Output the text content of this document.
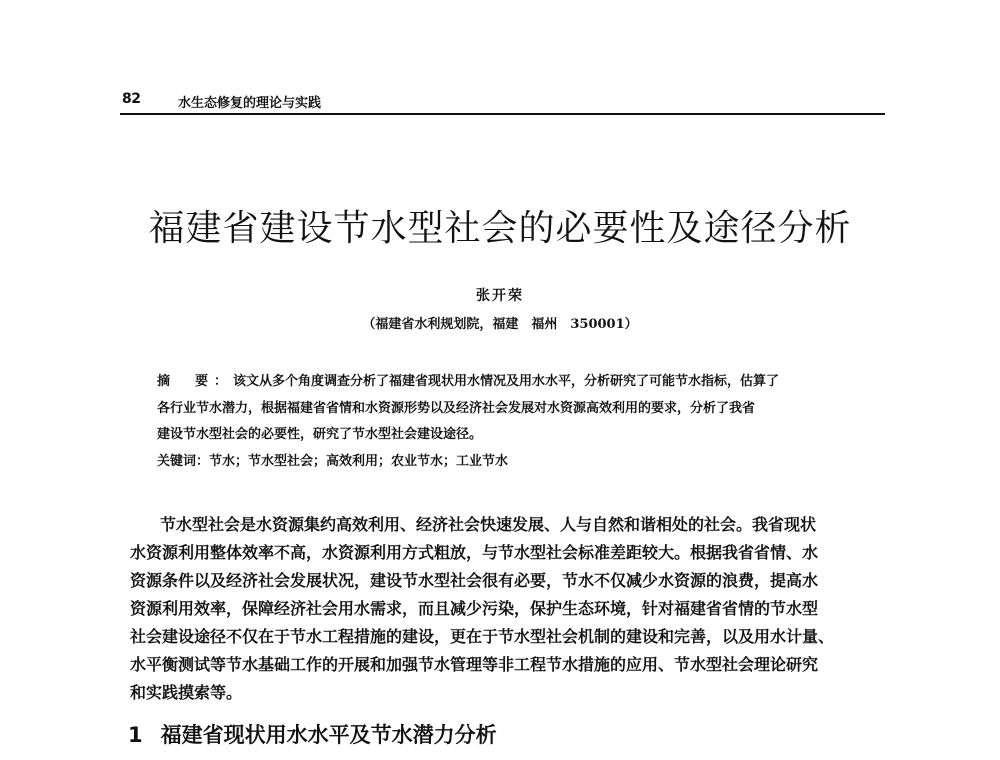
82	水生态修复的理论与实践
福建省建设节水型社会的必要性及途径分析
张开荣
（福建省水利规划院，福建　福州　350001）
摘　要：该文从多个角度调查分析了福建省现状用水情况及用水水平，分析研究了可能节水指标，估算了
各行业节水潜力，根据福建省省情和水资源形势以及经济社会发展对水资源高效利用的要求，分析了我省
建设节水型社会的必要性，研究了节水型社会建设途径。
关键词：节水；节水型社会；高效利用；农业节水；工业节水
节水型社会是水资源集约高效利用、经济社会快速发展、人与自然和谐相处的社会。我省现状
水资源利用整体效率不高，水资源利用方式粗放，与节水型社会标准差距较大。根据我省省情、水
资源条件以及经济社会发展状况，建设节水型社会很有必要，节水不仅减少水资源的浪费，提高水
资源利用效率，保障经济社会用水需求，而且减少污染，保护生态环境，针对福建省省情的节水型
社会建设途径不仅在于节水工程措施的建设，更在于节水型社会机制的建设和完善，以及用水计量、
水平衡测试等节水基础工作的开展和加强节水管理等非工程节水措施的应用、节水型社会理论研究
和实践摸索等。
1 福建省现状用水水平及节水潜力分析
